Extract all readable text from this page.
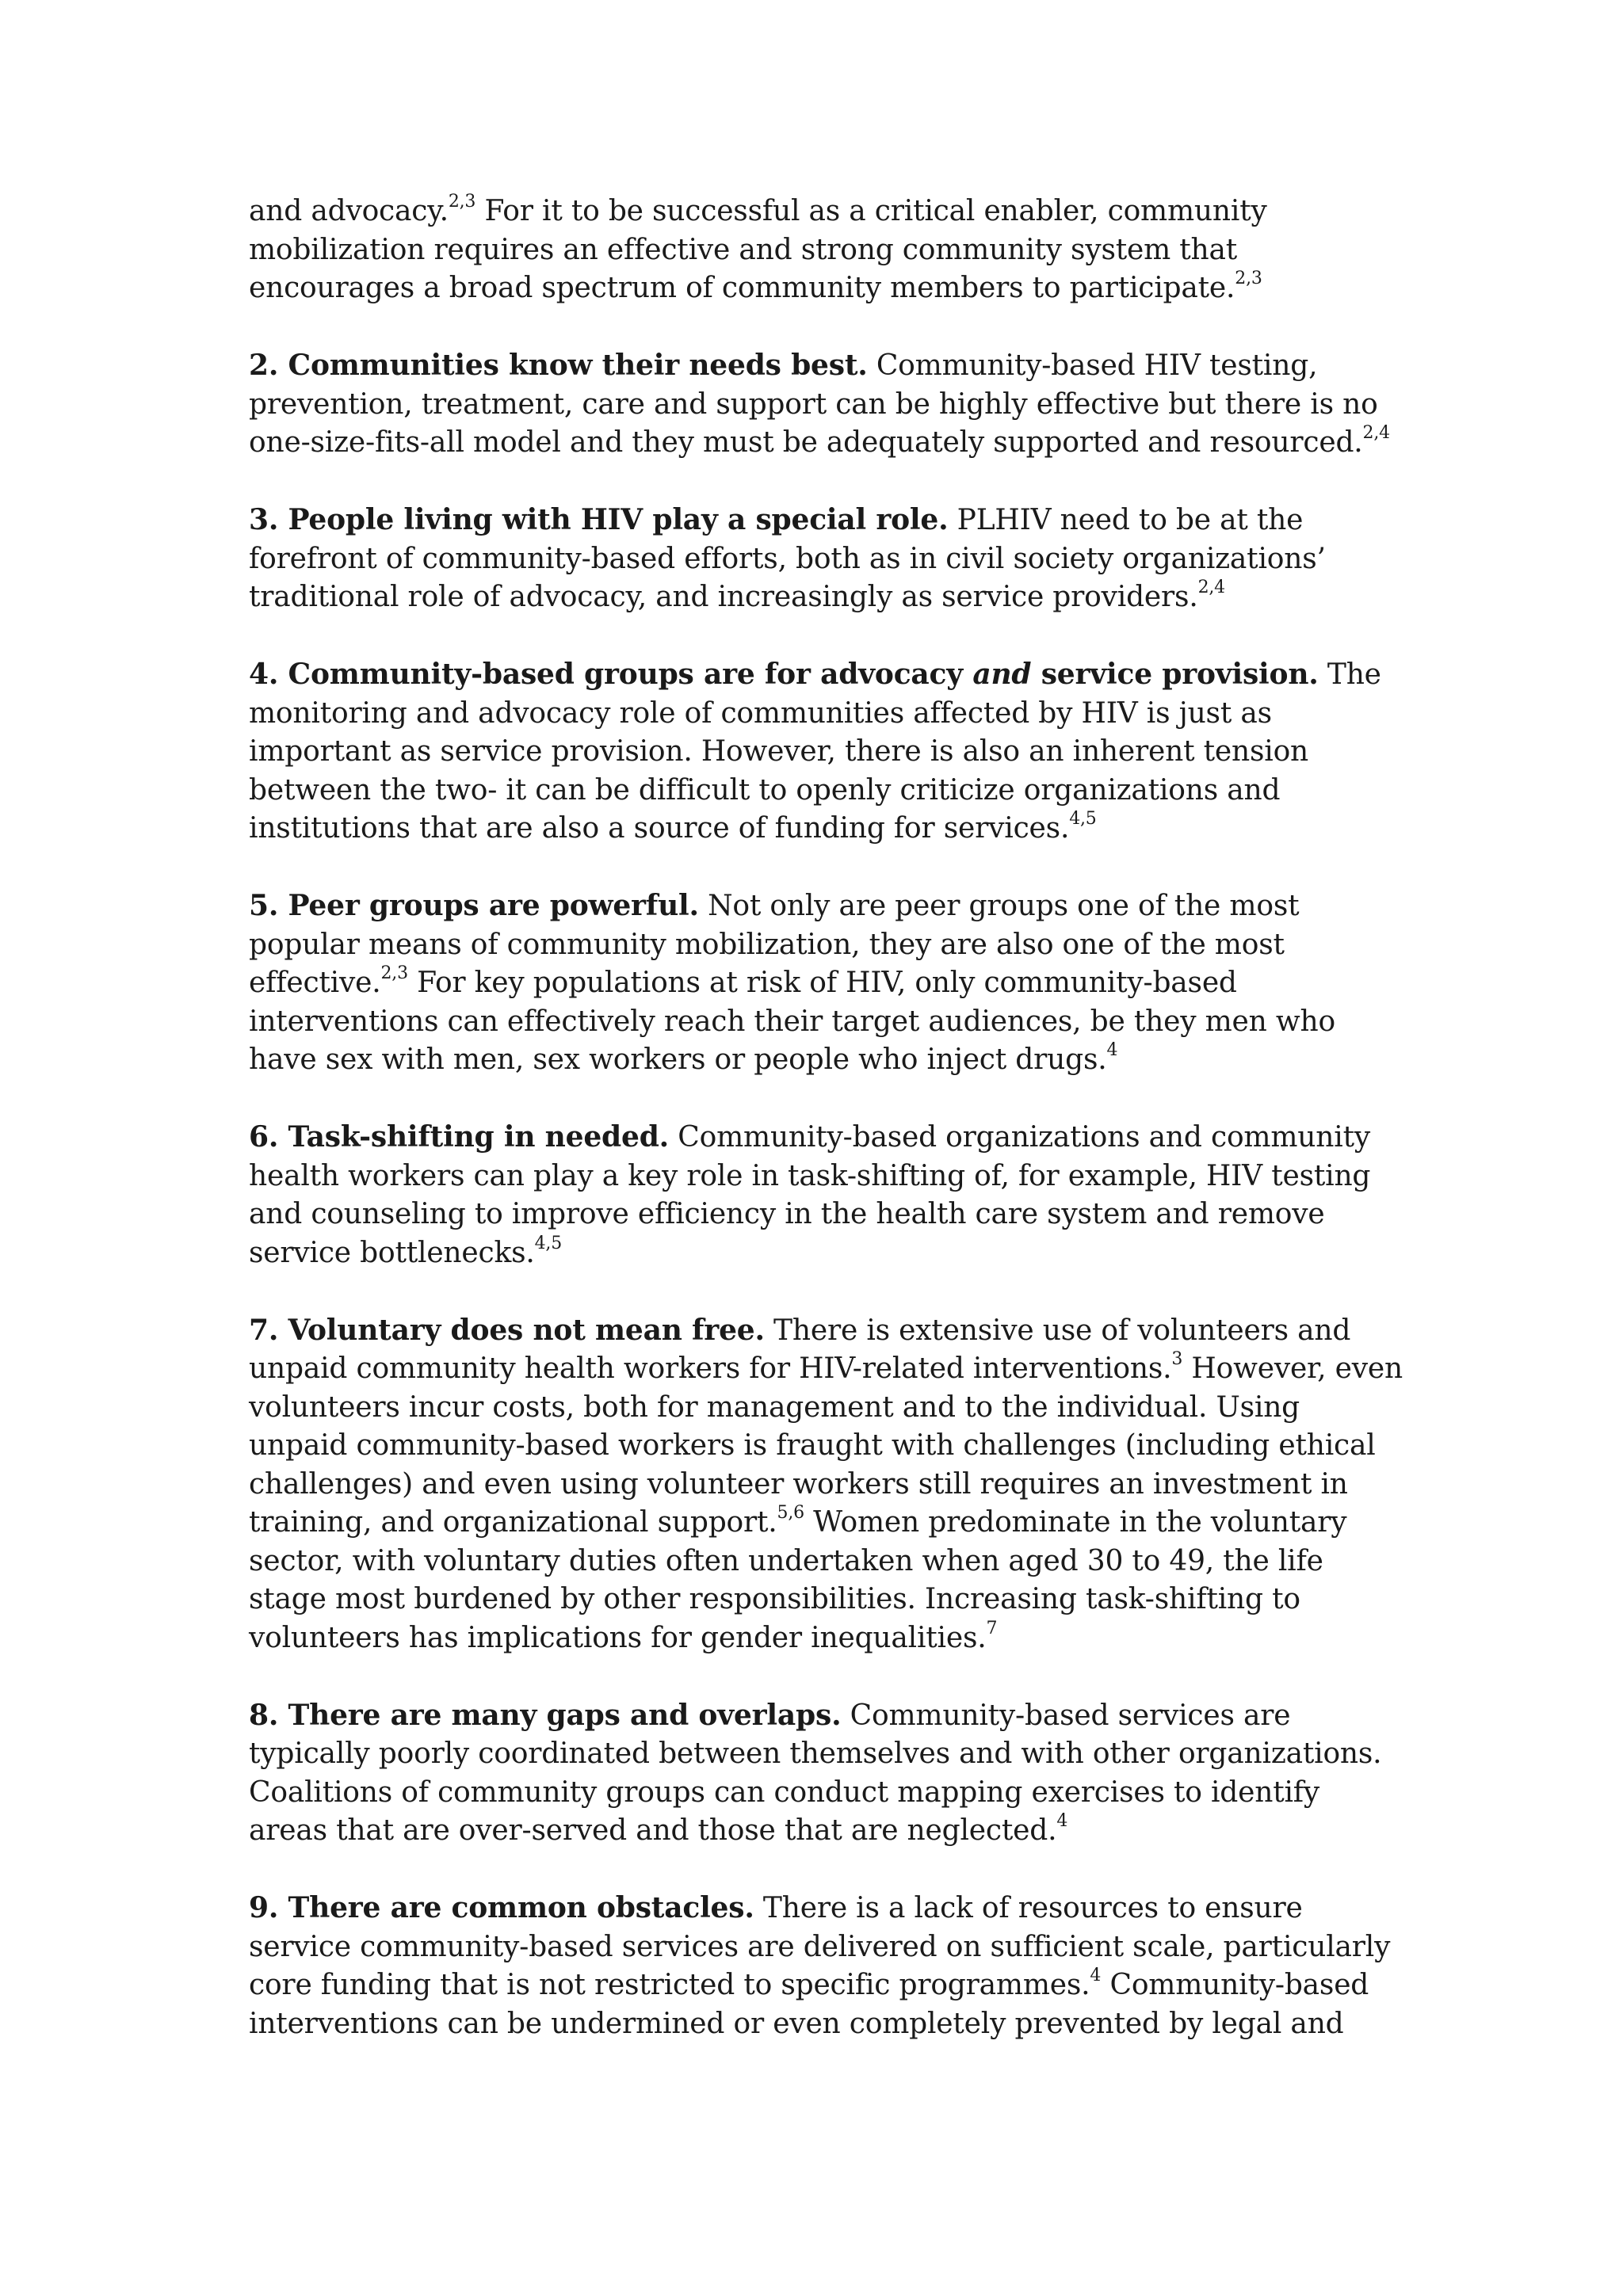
and advocacy.$^{2,3}$ For it to be successful as a critical enabler, community mobilization requires an effective and strong community system that encourages a broad spectrum of community members to participate.$^{2,3}$

2. Communities know their needs best. Community-based HIV testing, prevention, treatment, care and support can be highly effective but there is no one-size-fits-all model and they must be adequately supported and resourced.$^{2,4}$

3. People living with HIV play a special role. PLHIV need to be at the forefront of community-based efforts, both as in civil society organizations’ traditional role of advocacy, and increasingly as service providers.$^{2,4}$

4. Community-based groups are for advocacy and service provision. The monitoring and advocacy role of communities affected by HIV is just as important as service provision. However, there is also an inherent tension between the two- it can be difficult to openly criticize organizations and institutions that are also a source of funding for services.$^{4,5}$

5. Peer groups are powerful. Not only are peer groups one of the most popular means of community mobilization, they are also one of the most effective.$^{2,3}$ For key populations at risk of HIV, only community-based interventions can effectively reach their target audiences, be they men who have sex with men, sex workers or people who inject drugs.$^4$

6. Task-shifting in needed. Community-based organizations and community health workers can play a key role in task-shifting of, for example, HIV testing and counseling to improve efficiency in the health care system and remove service bottlenecks.$^{4,5}$

7. Voluntary does not mean free. There is extensive use of volunteers and unpaid community health workers for HIV-related interventions.$^3$ However, even volunteers incur costs, both for management and to the individual. Using unpaid community-based workers is fraught with challenges (including ethical challenges) and even using volunteer workers still requires an investment in training, and organizational support.$^{5,6}$ Women predominate in the voluntary sector, with voluntary duties often undertaken when aged 30 to 49, the life stage most burdened by other responsibilities. Increasing task-shifting to volunteers has implications for gender inequalities.$^7$

8. There are many gaps and overlaps. Community-based services are typically poorly coordinated between themselves and with other organizations. Coalitions of community groups can conduct mapping exercises to identify areas that are over-served and those that are neglected.$^4$

9. There are common obstacles. There is a lack of resources to ensure service community-based services are delivered on sufficient scale, particularly core funding that is not restricted to specific programmes.$^4$ Community-based interventions can be undermined or even completely prevented by legal and
